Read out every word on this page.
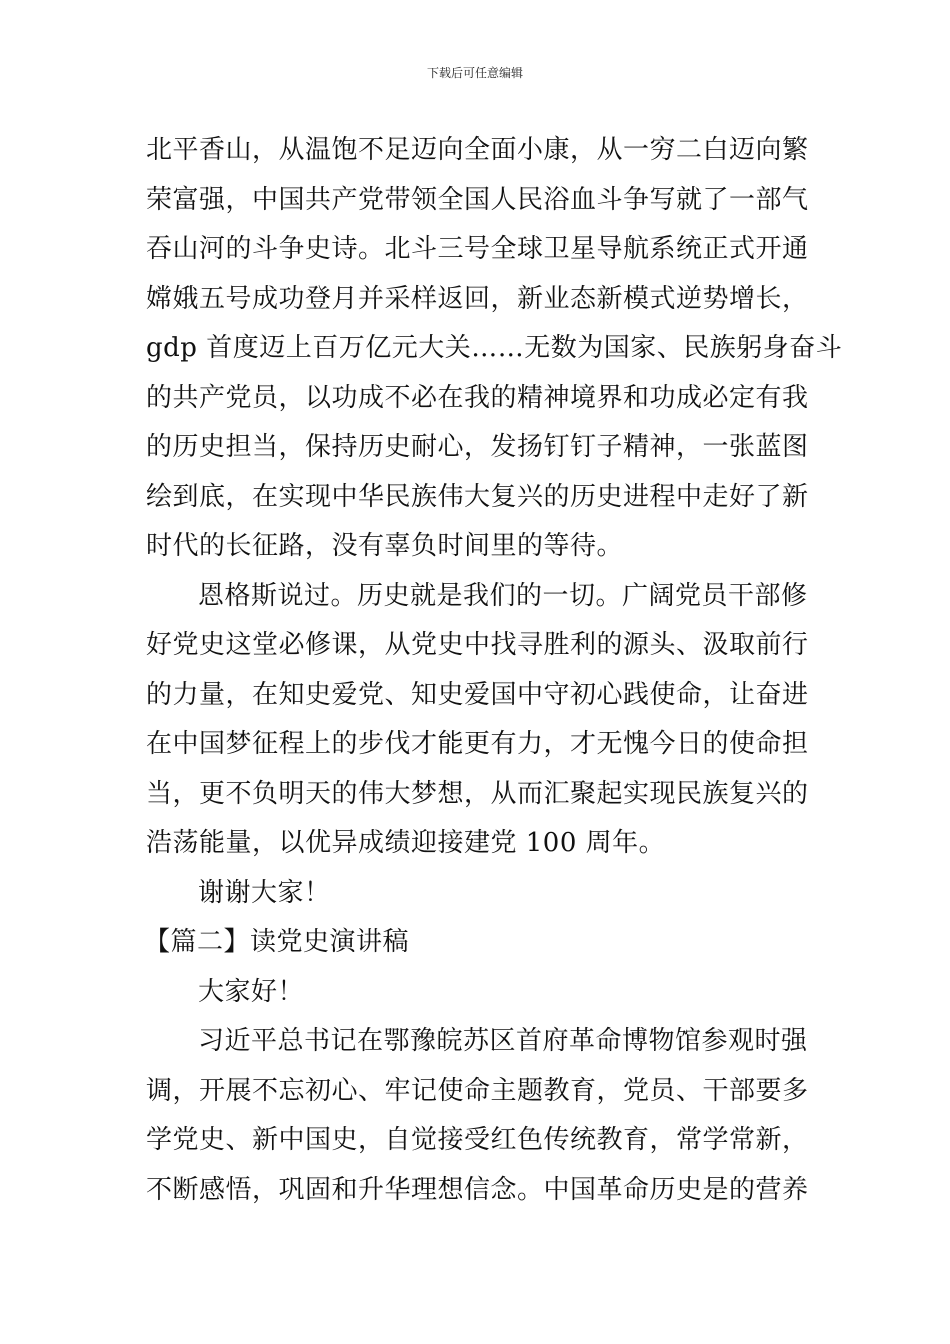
下载后可任意编辑
北平香山，从温饱不足迈向全面小康，从一穷二白迈向繁
荣富强，中国共产党带领全国人民浴血斗争写就了一部气
吞山河的斗争史诗。北斗三号全球卫星导航系统正式开通
嫦娥五号成功登月并采样返回，新业态新模式逆势增长，
gdp 首度迈上百万亿元大关……无数为国家、民族躬身奋斗
的共产党员，以功成不必在我的精神境界和功成必定有我
的历史担当，保持历史耐心，发扬钉钉子精神，一张蓝图
绘到底，在实现中华民族伟大复兴的历史进程中走好了新
时代的长征路，没有辜负时间里的等待。
恩格斯说过。历史就是我们的一切。广阔党员干部修
好党史这堂必修课，从党史中找寻胜利的源头、汲取前行
的力量，在知史爱党、知史爱国中守初心践使命，让奋进
在中国梦征程上的步伐才能更有力，才无愧今日的使命担
当，更不负明天的伟大梦想，从而汇聚起实现民族复兴的
浩荡能量，以优异成绩迎接建党 100 周年。
谢谢大家！
【篇二】读党史演讲稿
大家好！
习近平总书记在鄂豫皖苏区首府革命博物馆参观时强
调，开展不忘初心、牢记使命主题教育，党员、干部要多
学党史、新中国史，自觉接受红色传统教育，常学常新，
不断感悟，巩固和升华理想信念。中国革命历史是的营养
